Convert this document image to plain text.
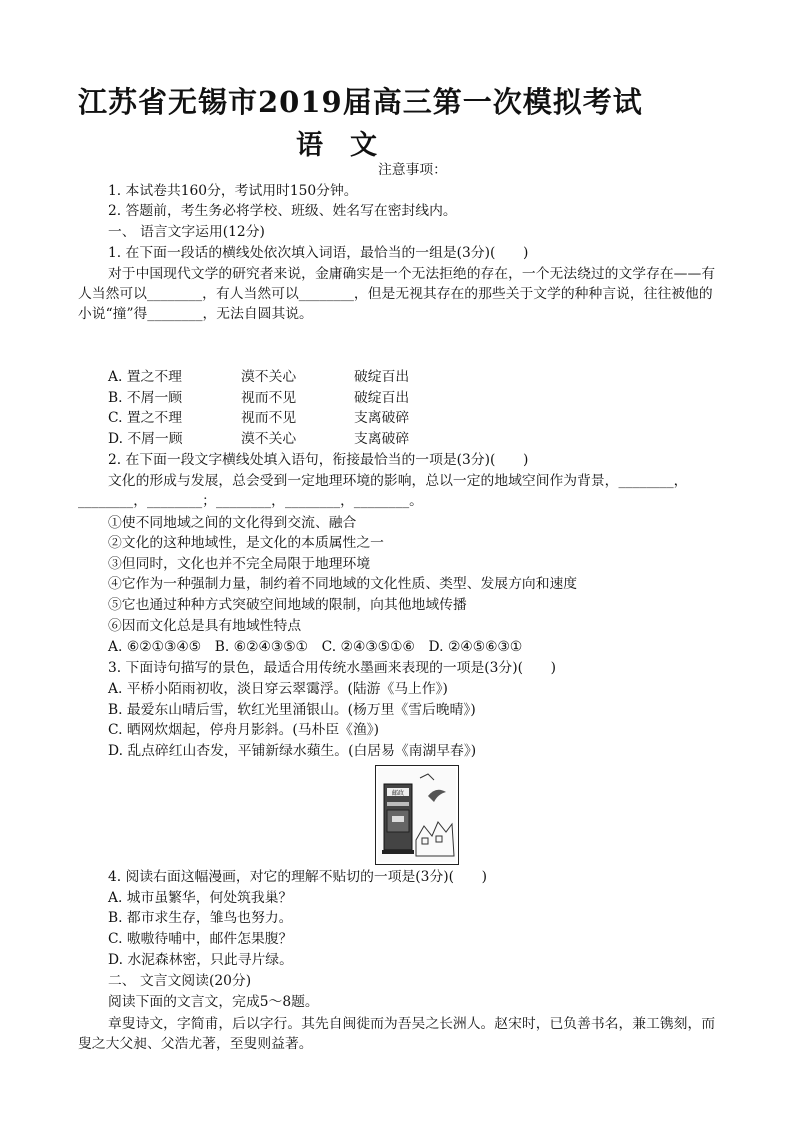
江苏省无锡市2019届高三第一次模拟考试
语　文
注意事项：
1. 本试卷共160分，考试用时150分钟。
2. 答题前，考生务必将学校、班级、姓名写在密封线内。
一、 语言文字运用(12分)
1. 在下面一段话的横线处依次填入词语，最恰当的一组是(3分)(　　)
对于中国现代文学的研究者来说，金庸确实是一个无法拒绝的存在，一个无法绕过的文学存在——有人当然可以________，有人当然可以________，但是无视其存在的那些关于文学的种种言说，往往被他的小说“撞”得________，无法自圆其说。
A. 置之不理	漠不关心	破绽百出
B. 不屑一顾	视而不见	破绽百出
C. 置之不理	视而不见	支离破碎
D. 不屑一顾	漠不关心	支离破碎
2. 在下面一段文字横线处填入语句，衔接最恰当的一项是(3分)(　　)
文化的形成与发展，总会受到一定地理环境的影响，总以一定的地域空间作为背景，________，________，________；________，________，________。
①使不同地域之间的文化得到交流、融合
②文化的这种地域性，是文化的本质属性之一
③但同时，文化也并不完全局限于地理环境
④它作为一种强制力量，制约着不同地域的文化性质、类型、发展方向和速度
⑤它也通过种种方式突破空间地域的限制，向其他地域传播
⑥因而文化总是具有地域性特点
A. ⑥②①③④⑤　B. ⑥②④③⑤①　C. ②④③⑤①⑥　D. ②④⑤⑥③①
3. 下面诗句描写的景色，最适合用传统水墨画来表现的一项是(3分)(　　)
A. 平桥小陌雨初收，淡日穿云翠霭浮。(陆游《马上作》)
B. 最爱东山晴后雪，软红光里涌银山。(杨万里《雪后晚晴》)
C. 晒网炊烟起，停舟月影斜。(马朴臣《渔》)
D. 乱点碎红山杏发，平铺新绿水蘋生。(白居易《南湖早春》)
邮政
4. 阅读右面这幅漫画，对它的理解不贴切的一项是(3分)(　　)
A. 城市虽繁华，何处筑我巢？
B. 都市求生存，雏鸟也努力。
C. 嗷嗷待哺中，邮件怎果腹？
D. 水泥森林密，只此寻片绿。
二、 文言文阅读(20分)
阅读下面的文言文，完成5～8题。
章叟诗文，字简甫，后以字行。其先自闽徙而为吾吴之长洲人。赵宋时，已负善书名，兼工镌刻，而叟之大父昶、父浩尤著，至叟则益著。
